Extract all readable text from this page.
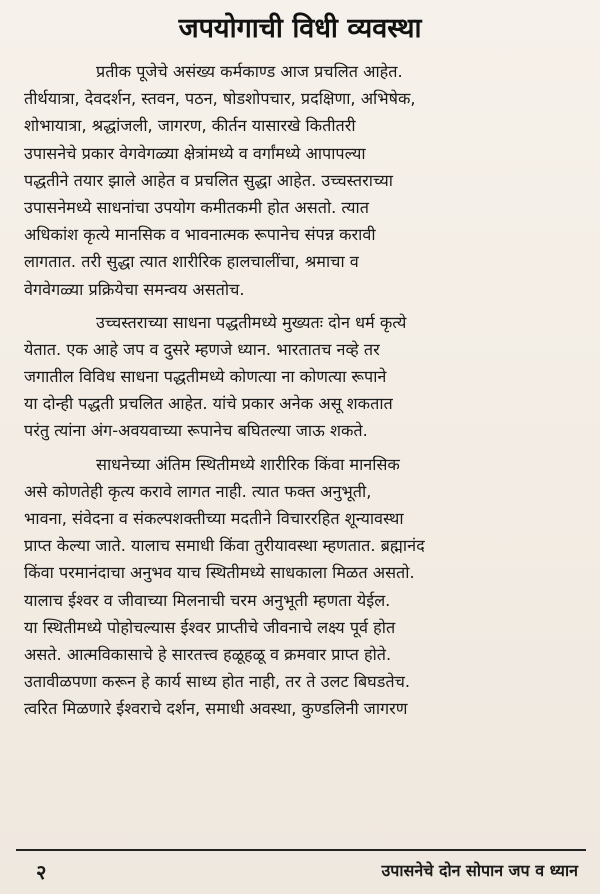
जपयोगाची विधी व्यवस्था
प्रतीक पूजेचे असंख्य कर्मकाण्ड आज प्रचलित आहेत.
तीर्थयात्रा, देवदर्शन, स्तवन, पठन, षोडशोपचार, प्रदक्षिणा, अभिषेक,
शोभायात्रा, श्रद्धांजली, जागरण, कीर्तन यासारखे कितीतरी
उपासनेचे प्रकार वेगवेगळ्या क्षेत्रांमध्ये व वर्गांमध्ये आपापल्या
पद्धतीने तयार झाले आहेत व प्रचलित सुद्धा आहेत. उच्चस्तराच्या
उपासनेमध्ये साधनांचा उपयोग कमीतकमी होत असतो. त्यात
अधिकांश कृत्ये मानसिक व भावनात्मक रूपानेच संपन्न करावी
लागतात. तरी सुद्धा त्यात शारीरिक हालचालींचा, श्रमाचा व
वेगवेगळ्या प्रक्रियेचा समन्वय असतोच.
उच्चस्तराच्या साधना पद्धतीमध्ये मुख्यतः दोन धर्म कृत्ये
येतात. एक आहे जप व दुसरे म्हणजे ध्यान. भारतातच नव्हे तर
जगातील विविध साधना पद्धतीमध्ये कोणत्या ना कोणत्या रूपाने
या दोन्ही पद्धती प्रचलित आहेत. यांचे प्रकार अनेक असू शकतात
परंतु त्यांना अंग-अवयवाच्या रूपानेच बघितल्या जाऊ शकते.
साधनेच्या अंतिम स्थितीमध्ये शारीरिक किंवा मानसिक
असे कोणतेही कृत्य करावे लागत नाही. त्यात फक्त अनुभूती,
भावना, संवेदना व संकल्पशक्तीच्या मदतीने विचाररहित शून्यावस्था
प्राप्त केल्या जाते. यालाच समाधी किंवा तुरीयावस्था म्हणतात. ब्रह्मानंद
किंवा परमानंदाचा अनुभव याच स्थितीमध्ये साधकाला मिळत असतो.
यालाच ईश्वर व जीवाच्या मिलनाची चरम अनुभूती म्हणता येईल.
या स्थितीमध्ये पोहोचल्यास ईश्वर प्राप्तीचे जीवनाचे लक्ष्य पूर्व होत
असते. आत्मविकासाचे हे सारतत्त्व हळूहळू व क्रमवार प्राप्त होते.
उतावीळपणा करून हे कार्य साध्य होत नाही, तर ते उलट बिघडतेच.
त्वरित मिळणारे ईश्वराचे दर्शन, समाधी अवस्था, कुण्डलिनी जागरण
२	उपासनेचे दोन सोपान जप व ध्यान
